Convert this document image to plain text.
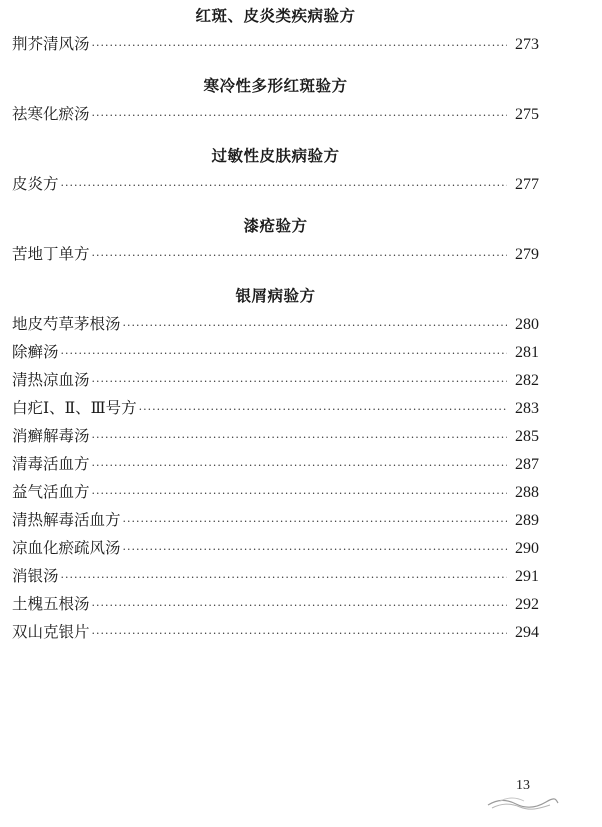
红斑、皮炎类疾病验方
荆芥清风汤 ·····	273
寒冷性多形红斑验方
祛寒化瘀汤 ·····	275
过敏性皮肤病验方
皮炎方 ·····	277
漆疮验方
苦地丁单方 ·····	279
银屑病验方
地皮芍草茅根汤 ·····	280
除癣汤 ·····	281
清热凉血汤 ·····	282
白疕Ⅰ、Ⅱ、Ⅲ号方 ·····	283
消癣解毒汤 ·····	285
清毒活血方 ·····	287
益气活血方 ·····	288
清热解毒活血方 ·····	289
凉血化瘀疏风汤 ·····	290
消银汤 ·····	291
土槐五根汤 ·····	292
双山克银片 ·····	294
13
